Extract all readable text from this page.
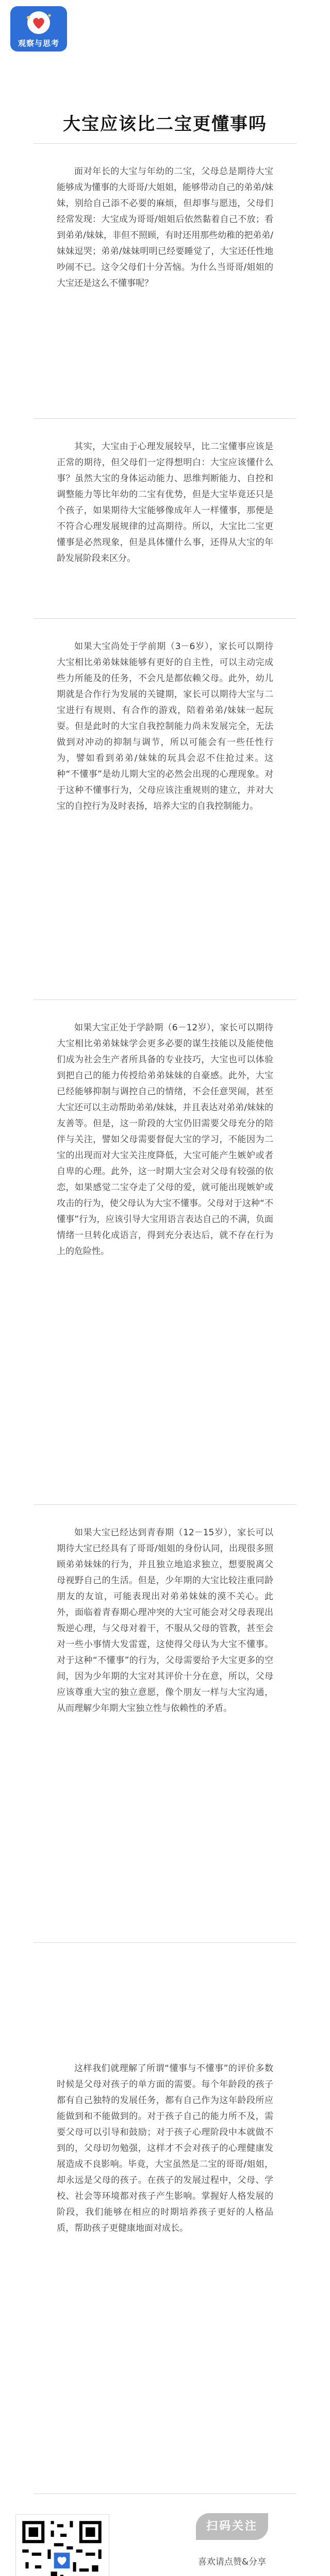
观察与思考
大宝应该比二宝更懂事吗

面对年长的大宝与年幼的二宝，父母总是期待大宝能够成为懂事的大哥哥/大姐姐，能够带动自己的弟弟/妹妹，别给自己添不必要的麻烦，但却事与愿违，父母们经常发现：大宝成为哥哥/姐姐后依然黏着自己不放；看到弟弟/妹妹，非但不照顾，有时还用那些幼稚的把弟弟/妹妹逗哭；弟弟/妹妹明明已经要睡觉了，大宝还任性地吵闹不已。这令父母们十分苦恼。为什么当哥哥/姐姐的大宝还是这么不懂事呢？

其实，大宝由于心理发展较早，比二宝懂事应该是正常的期待，但父母们一定得想明白：大宝应该懂什么事？虽然大宝的身体运动能力、思维判断能力、自控和调整能力等比年幼的二宝有优势，但是大宝毕竟还只是个孩子，如果期待大宝能够像成年人一样懂事，那便是不符合心理发展规律的过高期待。所以，大宝比二宝更懂事是必然现象，但是具体懂什么事，还得从大宝的年龄发展阶段来区分。

如果大宝尚处于学前期（3－6岁），家长可以期待大宝相比弟弟妹妹能够有更好的自主性，可以主动完成些力所能及的任务，不会凡是都依赖父母。此外，幼儿期就是合作行为发展的关键期，家长可以期待大宝与二宝进行有规则、有合作的游戏，陪着弟弟/妹妹一起玩耍。但是此时的大宝自我控制能力尚未发展完全，无法做到对冲动的抑制与调节，所以可能会有一些任性行为，譬如看到弟弟/妹妹的玩具会忍不住抢过来。这种“不懂事”是幼儿期大宝的必然会出现的心理现象。对于这种不懂事行为，父母应该注重规则的建立，并对大宝的自控行为及时表扬，培养大宝的自我控制能力。

如果大宝正处于学龄期（6－12岁），家长可以期待大宝相比弟弟妹妹学会更多必要的谋生技能以及能使他们成为社会生产者所具备的专业技巧，大宝也可以体验到把自己的能力传授给弟弟妹妹的自豪感。此外，大宝已经能够抑制与调控自己的情绪，不会任意哭闹，甚至大宝还可以主动帮助弟弟/妹妹，并且表达对弟弟/妹妹的友善等。但是，这一阶段的大宝仍旧需要父母充分的陪伴与关注，譬如父母需要督促大宝的学习，不能因为二宝的出现而对大宝关注度降低，大宝可能产生嫉妒或者自卑的心理。此外，这一时期大宝会对父母有较强的依恋，如果感觉二宝夺走了父母的爱，就可能出现嫉妒或攻击的行为，使父母认为大宝不懂事。父母对于这种“不懂事”行为，应该引导大宝用语言表达自己的不满，负面情绪一旦转化成语言，得到充分表达后，就不存在行为上的危险性。

如果大宝已经达到青春期（12－15岁），家长可以期待大宝已经具有了哥哥/姐姐的身份认同，出现很多照顾弟弟妹妹的行为，并且独立地追求独立，想要脱离父母视野自己的生活。但是，少年期的大宝比较注重同龄朋友的友谊，可能表现出对弟弟妹妹的漠不关心。此外，面临着青春期心理冲突的大宝可能会对父母表现出叛逆心理，与父母对着干，不服从父母的管教，甚至会对一些小事情大发雷霆，这使得父母认为大宝不懂事。对于这种“不懂事”的行为，父母需要给予大宝更多的空间，因为少年期的大宝对其评价十分在意，所以，父母应该尊重大宝的独立意愿，像个朋友一样与大宝沟通，从而理解少年期大宝独立性与依赖性的矛盾。

这样我们就理解了所谓“懂事与不懂事”的评价多数时候是父母对孩子的单方面的需要。每个年龄段的孩子都有自己独特的发展任务，都有自己作为这年龄段所应能做到和不能做到的。对于孩子自己的能力所不及，需要父母可以引导和鼓励；对于孩子心理阶段中本就做不到的，父母切勿勉强，这样才不会对孩子的心理健康发展造成不良影响。毕竟，大宝虽然是二宝的哥哥/姐姐，却永远是父母的孩子。在孩子的发展过程中，父母、学校、社会等环境都对孩子产生影响。掌握好人格发展的阶段，我们能够在相应的时期培养孩子更好的人格品质，帮助孩子更健康地面对成长。

扫码关注

喜欢请点赞&分享
